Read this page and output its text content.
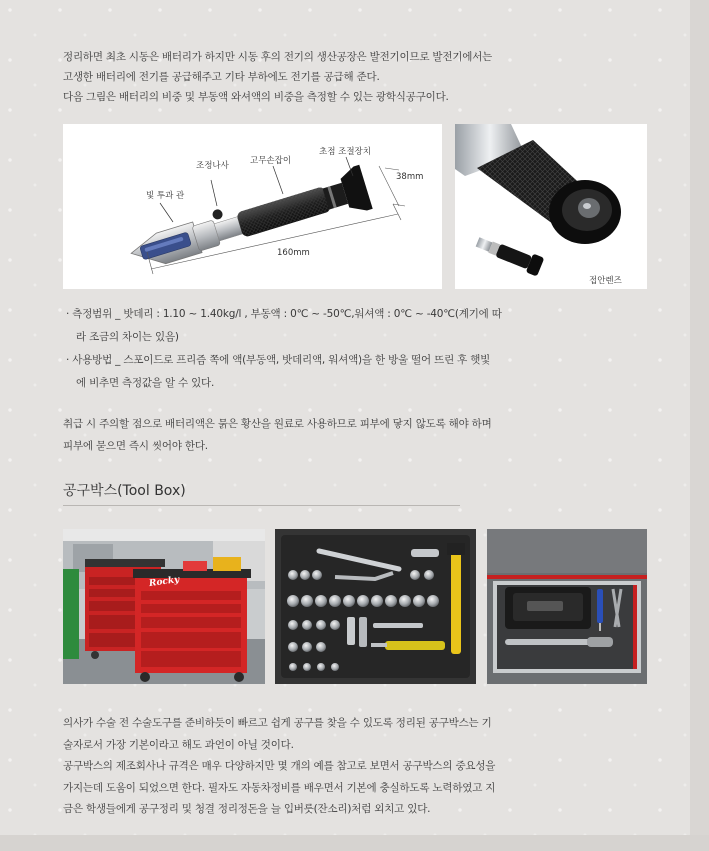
정리하면 최초 시동은 배터리가 하지만 시동 후의 전기의 생산공장은 발전기이므로 발전기에서는
고생한 배터리에 전기를 공급해주고 기타 부하에도 전기를 공급해 준다.
다음 그림은 배터리의 비중 및 부동액 와셔액의 비중을 측정할 수 있는 광학식공구이다.
빛 투과 관
조정나사 고무손잡이
초점 조절장치
38mm
160mm
접안렌즈
· 측정범위 _ 밧데리 : 1.10 ~ 1.40kg/l , 부동액 : 0℃ ~ -50℃,워셔액 : 0℃ ~ -40℃(계기에 따
라 조금의 차이는 있음)
· 사용방법 _ 스포이드로 프리즘 쪽에 액(부동액, 밧데리액, 워셔액)을 한 방울 떨어 뜨린 후 햇빛
에 비추면 측정값을 알 수 있다.
취급 시 주의할 점으로 배터리액은 묽은 황산을 원료로 사용하므로 피부에 닿지 않도록 해야 하며
피부에 묻으면 즉시 씻어야 한다.
공구박스(Tool Box)
Rocky
의사가 수술 전 수술도구를 준비하듯이 빠르고 쉽게 공구를 찾을 수 있도록 정리된 공구박스는 기
술자로서 가장 기본이라고 해도 과언이 아닐 것이다.
공구박스의 제조회사나 규격은 매우 다양하지만 몇 개의 예를 참고로 보면서 공구박스의 중요성을
가지는데 도움이 되었으면 한다. 필자도 자동차정비를 배우면서 기본에 충실하도록 노력하였고 지
금은 학생들에게 공구정리 및 청결 정리정돈을 늘 입버릇(잔소리)처럼 외치고 있다.
